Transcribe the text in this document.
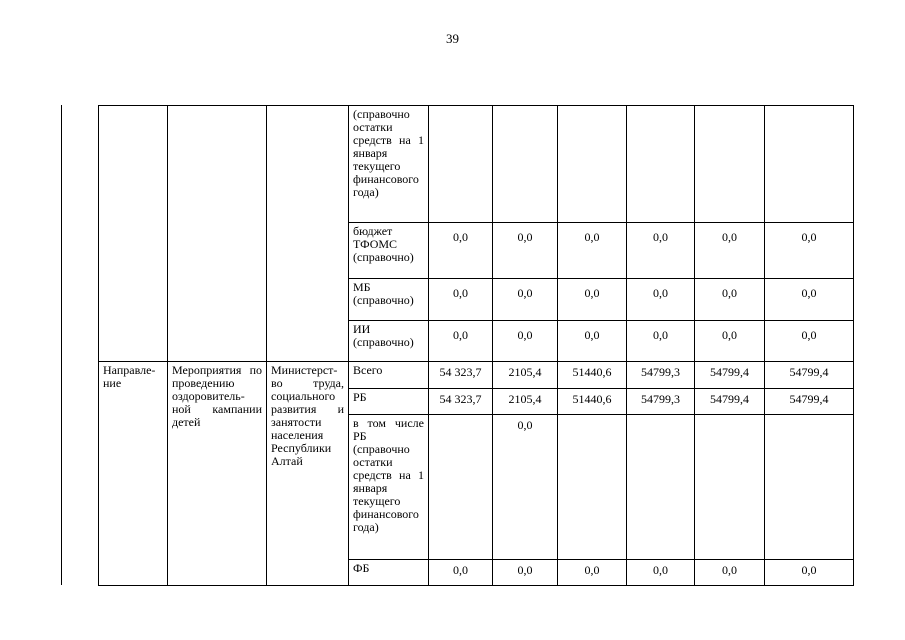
39
			(справочно остатки средств на 1 января текущего финансового года)						
			бюджет ТФОМС (справочно)	0,0	0,0	0,0	0,0	0,0	0,0
			МБ (справочно)	0,0	0,0	0,0	0,0	0,0	0,0
			ИИ (справочно)	0,0	0,0	0,0	0,0	0,0	0,0
Направле-ние	Мероприятия по проведению оздоровитель-ной кампании детей	Министерст-во труда, социального развития и занятости населения Республики Алтай	Всего	54 323,7	2105,4	51440,6	54799,3	54799,4	54799,4
			РБ	54 323,7	2105,4	51440,6	54799,3	54799,4	54799,4
			в том числе РБ (справочно остатки средств на 1 января текущего финансового года)		0,0				
			ФБ	0,0	0,0	0,0	0,0	0,0	0,0
